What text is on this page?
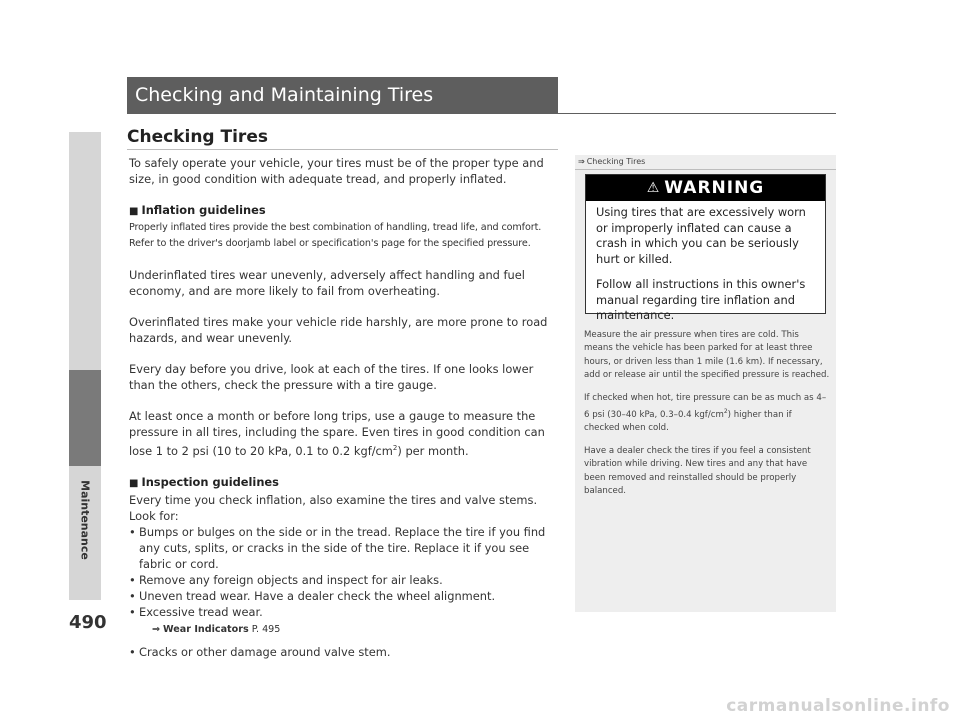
Maintenance
490
Checking and Maintaining Tires
Checking Tires

To safely operate your vehicle, your tires must be of the proper type and size, in good condition with adequate tread, and properly inflated.

■ Inflation guidelines

Properly inflated tires provide the best combination of handling, tread life, and comfort. Refer to the driver's doorjamb label or specification's page for the specified pressure.

Underinflated tires wear unevenly, adversely affect handling and fuel economy, and are more likely to fail from overheating.

Overinflated tires make your vehicle ride harshly, are more prone to road hazards, and wear unevenly.

Every day before you drive, look at each of the tires. If one looks lower than the others, check the pressure with a tire gauge.

At least once a month or before long trips, use a gauge to measure the pressure in all tires, including the spare. Even tires in good condition can lose 1 to 2 psi (10 to 20 kPa, 0.1 to 0.2 kgf/$cm^2$) per month.

■ Inspection guidelines
Every time you check inflation, also examine the tires and valve stems.
Look for:
• Bumps or bulges on the side or in the tread. Replace the tire if you find any cuts, splits, or cracks in the side of the tire. Replace it if you see fabric or cord.
• Remove any foreign objects and inspect for air leaks.
• Uneven tread wear. Have a dealer check the wheel alignment.
• Excessive tread wear.
⇒ Wear Indicators P. 495
• Cracks or other damage around valve stem.
⇒ Checking Tires
⚠ WARNING

Using tires that are excessively worn or improperly inflated can cause a crash in which you can be seriously hurt or killed.

Follow all instructions in this owner's manual regarding tire inflation and maintenance.

Measure the air pressure when tires are cold. This means the vehicle has been parked for at least three hours, or driven less than 1 mile (1.6 km). If necessary, add or release air until the specified pressure is reached.

If checked when hot, tire pressure can be as much as 4–6 psi (30–40 kPa, 0.3–0.4 kgf/$cm^2$) higher than if checked when cold.

Have a dealer check the tires if you feel a consistent vibration while driving. New tires and any that have been removed and reinstalled should be properly balanced.

carmanualsonline.info
